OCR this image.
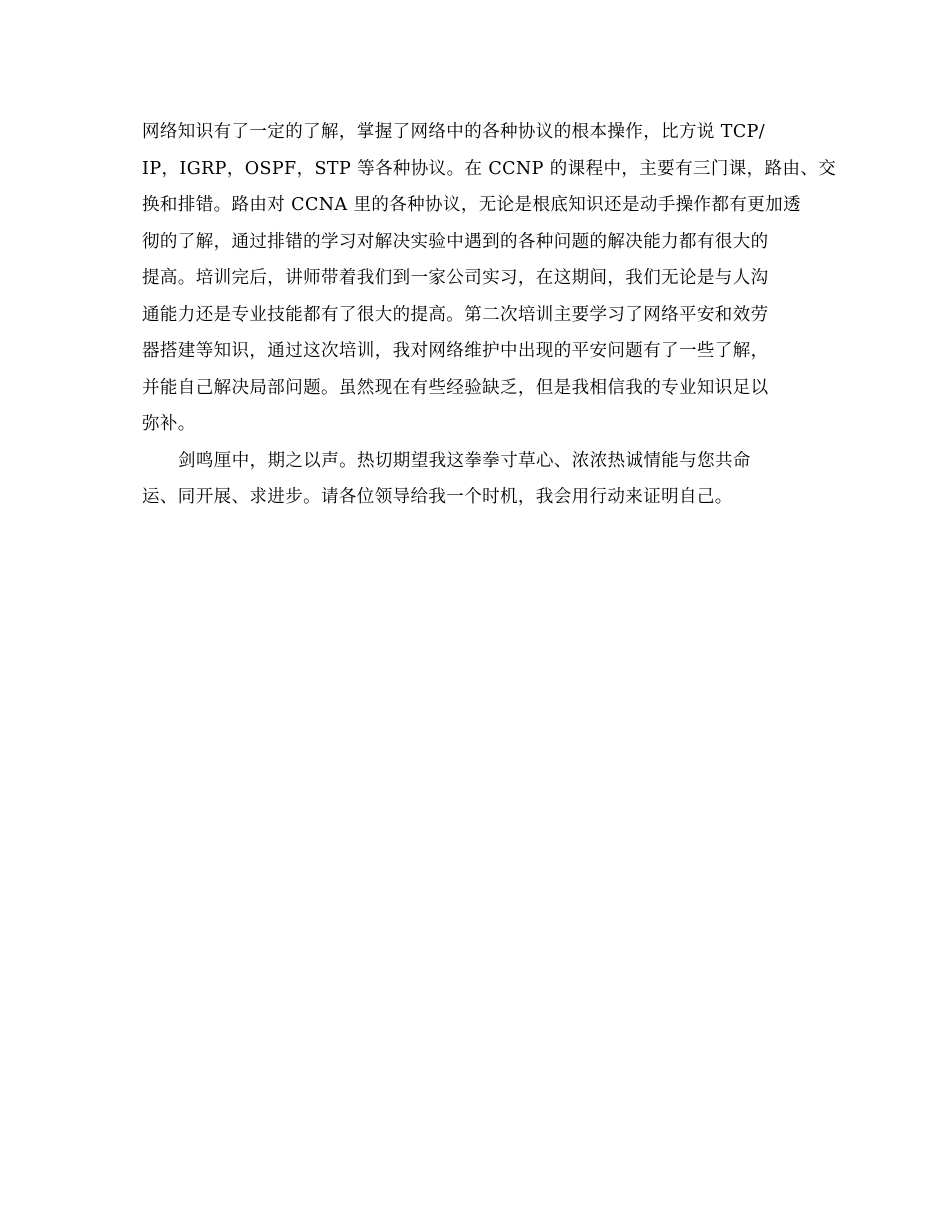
网络知识有了一定的了解，掌握了网络中的各种协议的根本操作，比方说 TCP/
IP，IGRP，OSPF，STP 等各种协议。在 CCNP 的课程中，主要有三门课，路由、交
换和排错。路由对 CCNA 里的各种协议，无论是根底知识还是动手操作都有更加透
彻的了解，通过排错的学习对解决实验中遇到的各种问题的解决能力都有很大的
提高。培训完后，讲师带着我们到一家公司实习，在这期间，我们无论是与人沟
通能力还是专业技能都有了很大的提高。第二次培训主要学习了网络平安和效劳
器搭建等知识，通过这次培训，我对网络维护中出现的平安问题有了一些了解，
并能自己解决局部问题。虽然现在有些经验缺乏，但是我相信我的专业知识足以
弥补。

剑鸣厘中，期之以声。热切期望我这拳拳寸草心、浓浓热诚情能与您共命
运、同开展、求进步。请各位领导给我一个时机，我会用行动来证明自己。
